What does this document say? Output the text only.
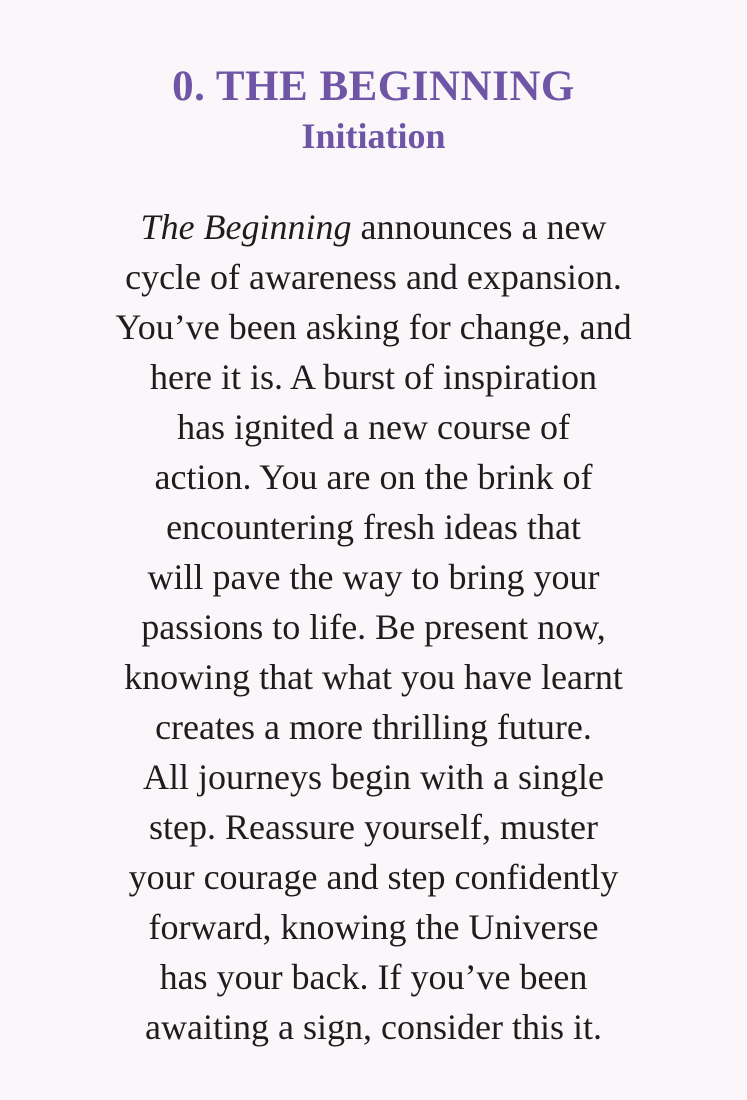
0. THE BEGINNING
Initiation
The Beginning announces a new
cycle of awareness and expansion.
You’ve been asking for change, and
here it is. A burst of inspiration
has ignited a new course of
action. You are on the brink of
encountering fresh ideas that
will pave the way to bring your
passions to life. Be present now,
knowing that what you have learnt
creates a more thrilling future.
All journeys begin with a single
step. Reassure yourself, muster
your courage and step confidently
forward, knowing the Universe
has your back. If you’ve been
awaiting a sign, consider this it.
